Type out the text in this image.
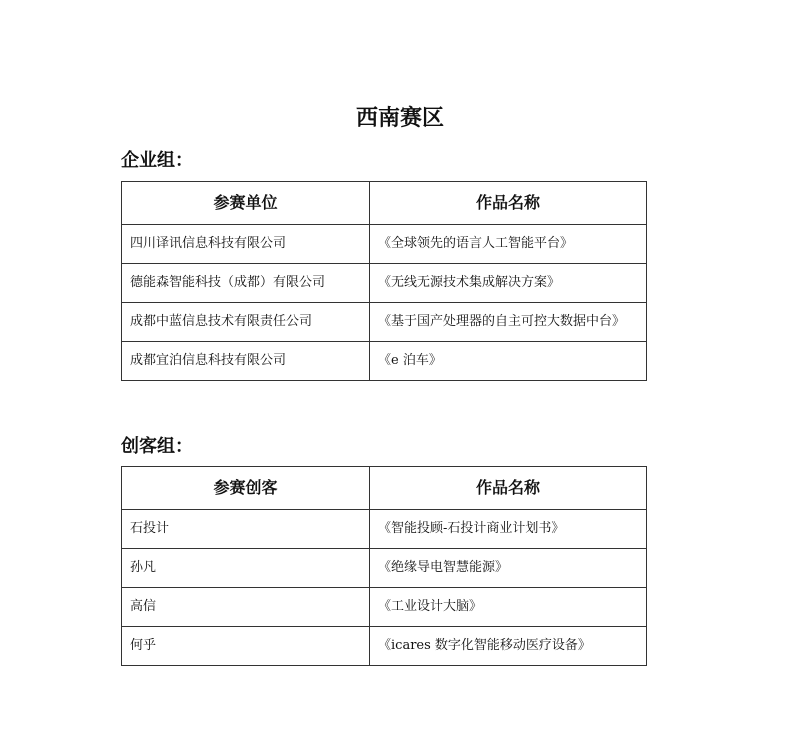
西南赛区
企业组：
参赛单位	作品名称
四川译讯信息科技有限公司	《全球领先的语言人工智能平台》
德能森智能科技（成都）有限公司	《无线无源技术集成解决方案》
成都中蓝信息技术有限责任公司	《基于国产处理器的自主可控大数据中台》
成都宜泊信息科技有限公司	《e 泊车》
创客组：
参赛创客	作品名称
石投计	《智能投顾-石投计商业计划书》
孙凡	《绝缘导电智慧能源》
高信	《工业设计大脑》
何乎	《icares 数字化智能移动医疗设备》
